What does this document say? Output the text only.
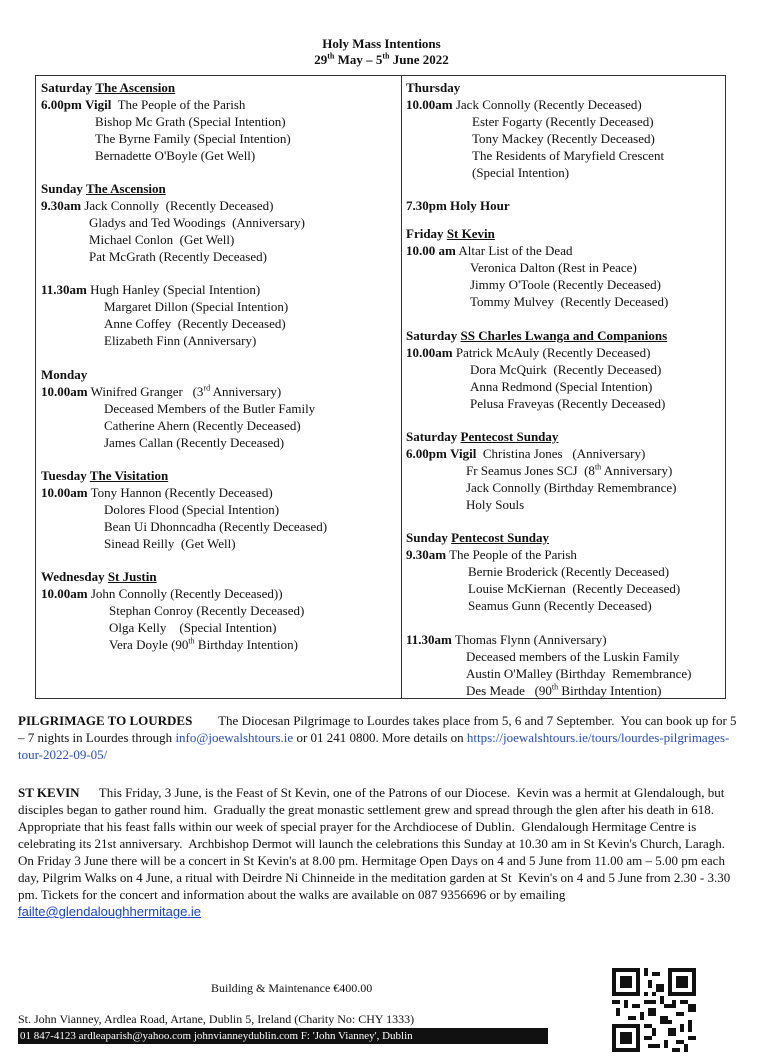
Holy Mass Intentions
29th May – 5th June 2022
Saturday The Ascension
6.00pm Vigil The People of the Parish
Bishop Mc Grath (Special Intention)
The Byrne Family (Special Intention)
Bernadette O'Boyle (Get Well)
Sunday The Ascension
9.30am Jack Connolly  (Recently Deceased)
Gladys and Ted Woodings  (Anniversary)
Michael Conlon  (Get Well)
Pat McGrath (Recently Deceased)
11.30am Hugh Hanley (Special Intention)
Margaret Dillon (Special Intention)
Anne Coffey  (Recently Deceased)
Elizabeth Finn (Anniversary)
Monday
10.00am Winifred Granger   (3rd Anniversary)
Deceased Members of the Butler Family
Catherine Ahern (Recently Deceased)
James Callan (Recently Deceased)
Tuesday The Visitation
10.00am Tony Hannon (Recently Deceased)
Dolores Flood (Special Intention)
Bean Ui Dhonncadha (Recently Deceased)
Sinead Reilly  (Get Well)
Wednesday St Justin
10.00am John Connolly (Recently Deceased))
Stephan Conroy (Recently Deceased)
Olga Kelly    (Special Intention)
Vera Doyle (90th Birthday Intention)
Thursday
10.00am Jack Connolly (Recently Deceased)
Ester Fogarty (Recently Deceased)
Tony Mackey (Recently Deceased)
The Residents of Maryfield Crescent
(Special Intention)
7.30pm Holy Hour
Friday St Kevin
10.00 am Altar List of the Dead
Veronica Dalton (Rest in Peace)
Jimmy O'Toole (Recently Deceased)
Tommy Mulvey  (Recently Deceased)
Saturday SS Charles Lwanga and Companions
10.00am Patrick McAuly (Recently Deceased)
Dora McQuirk  (Recently Deceased)
Anna Redmond (Special Intention)
Pelusa Fraveyas (Recently Deceased)
Saturday Pentecost Sunday
6.00pm Vigil Christina Jones   (Anniversary)
Fr Seamus Jones SCJ  (8th Anniversary)
Jack Connolly (Birthday Remembrance)
Holy Souls
Sunday Pentecost Sunday
9.30am The People of the Parish
Bernie Broderick (Recently Deceased)
Louise McKiernan  (Recently Deceased)
Seamus Gunn (Recently Deceased)
11.30am Thomas Flynn (Anniversary)
Deceased members of the Luskin Family
Austin O'Malley (Birthday  Remembrance)
Des Meade   (90th Birthday Intention)
PILGRIMAGE TO LOURDES        The Diocesan Pilgrimage to Lourdes takes place from 5, 6 and 7 September.  You can book up for 5 – 7 nights in Lourdes through info@joewalshtours.ie or 01 241 0800. More details on https://joewalshtours.ie/tours/lourdes-pilgrimages-tour-2022-09-05/
ST KEVIN      This Friday, 3 June, is the Feast of St Kevin, one of the Patrons of our Diocese.  Kevin was a hermit at Glendalough, but disciples began to gather round him.  Gradually the great monastic settlement grew and spread through the glen after his death in 618.  Appropriate that his feast falls within our week of special prayer for the Archdiocese of Dublin.  Glendalough Hermitage Centre is celebrating its 21st anniversary.  Archbishop Dermot will launch the celebrations this Sunday at 10.30 am in St Kevin's Church, Laragh.  On Friday 3 June there will be a concert in St Kevin's at 8.00 pm. Hermitage Open Days on 4 and 5 June from 11.00 am – 5.00 pm each day, Pilgrim Walks on 4 June, a ritual with Deirdre Ni Chinneide in the meditation garden at St  Kevin's on 4 and 5 June from 2.30 - 3.30 pm. Tickets for the concert and information about the walks are available on 087 9356696 or by emailing failte@glendaloughhermitage.ie
Building & Maintenance €400.00
St. John Vianney, Ardlea Road, Artane, Dublin 5, Ireland (Charity No: CHY 1333)
01 847-4123 ardleaparish@yahoo.com johnvianneydublin.com F: 'John Vianney', Dublin
